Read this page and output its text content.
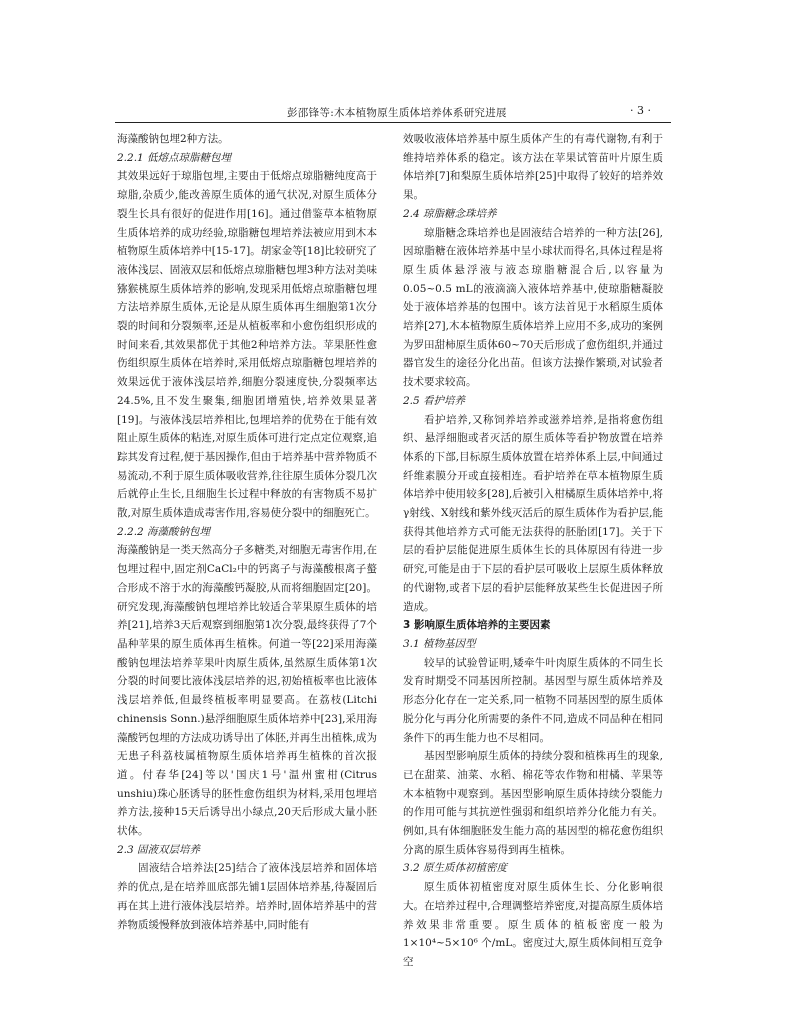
彭邵锋等:木本植物原生质体培养体系研究进展	· 3 ·

海藻酸钠包埋2种方法。

2.2.1 低熔点琼脂糖包埋

其效果远好于琼脂包埋,主要由于低熔点琼脂糖纯度高于琼脂,杂质少,能改善原生质体的通气状况,对原生质体分裂生长具有很好的促进作用[16]。通过借鉴草本植物原生质体培养的成功经验,琼脂糖包埋培养法被应用到木本植物原生质体培养中[15-17]。胡家金等[18]比较研究了液体浅层、固液双层和低熔点琼脂糖包埋3种方法对美味猕猴桃原生质体培养的影响,发现采用低熔点琼脂糖包埋方法培养原生质体,无论是从原生质体再生细胞第1次分裂的时间和分裂频率,还是从植板率和小愈伤组织形成的时间来看,其效果都优于其他2种培养方法。苹果胚性愈伤组织原生质体在培养时,采用低熔点琼脂糖包埋培养的效果远优于液体浅层培养,细胞分裂速度快,分裂频率达24.5%,且不发生聚集,细胞团增殖快,培养效果显著[19]。与液体浅层培养相比,包埋培养的优势在于能有效阻止原生质体的粘连,对原生质体可进行定点定位观察,追踪其发育过程,便于基因操作,但由于培养基中营养物质不易流动,不利于原生质体吸收营养,往往原生质体分裂几次后就停止生长,且细胞生长过程中释放的有害物质不易扩散,对原生质体造成毒害作用,容易使分裂中的细胞死亡。

2.2.2 海藻酸钠包埋

海藻酸钠是一类天然高分子多糖类,对细胞无毒害作用,在包埋过程中,固定剂CaCl₂中的钙离子与海藻酸根离子螯合形成不溶于水的海藻酸钙凝胶,从而将细胞固定[20]。研究发现,海藻酸钠包埋培养比较适合苹果原生质体的培养[21],培养3天后观察到细胞第1次分裂,最终获得了7个晶种苹果的原生质体再生植株。何道一等[22]采用海藻酸钠包埋法培养苹果叶肉原生质体,虽然原生质体第1次分裂的时间要比液体浅层培养的迟,初始植板率也比液体浅层培养低,但最终植板率明显要高。在荔枝(Litchi chinensis Sonn.)悬浮细胞原生质体培养中[23],采用海藻酸钙包埋的方法成功诱导出了体胚,并再生出植株,成为无患子科荔枝属植物原生质体培养再生植株的首次报道。付春华[24]等以'国庆1号'温州蜜柑(Citrus unshiu)珠心胚诱导的胚性愈伤组织为材料,采用包埋培养方法,接种15天后诱导出小绿点,20天后形成大量小胚状体。

2.3 固液双层培养

固液结合培养法[25]结合了液体浅层培养和固体培养的优点,是在培养皿底部先铺1层固体培养基,待凝固后再在其上进行液体浅层培养。培养时,固体培养基中的营养物质缓慢释放到液体培养基中,同时能有

效吸收液体培养基中原生质体产生的有毒代谢物,有利于维持培养体系的稳定。该方法在苹果试管苗叶片原生质体培养[7]和梨原生质体培养[25]中取得了较好的培养效果。

2.4 琼脂糖念珠培养

琼脂糖念珠培养也是固液结合培养的一种方法[26],因琼脂糖在液体培养基中呈小球状而得名,具体过程是将原生质体悬浮液与液态琼脂糖混合后,以容量为0.05~0.5 mL的液滴滴入液体培养基中,使琼脂糖凝胶处于液体培养基的包围中。该方法首见于水稻原生质体培养[27],木本植物原生质体培养上应用不多,成功的案例为罗田甜柿原生质体60~70天后形成了愈伤组织,并通过器官发生的途径分化出苗。但该方法操作繁琐,对试验者技术要求较高。

2.5 看护培养

看护培养,又称饲养培养或滋养培养,是指将愈伤组织、悬浮细胞或者灭活的原生质体等看护物放置在培养体系的下部,目标原生质体放置在培养体系上层,中间通过纤维素膜分开或直接相连。看护培养在草本植物原生质体培养中使用较多[28],后被引入柑橘原生质体培养中,将γ射线、X射线和紫外线灭活后的原生质体作为看护层,能获得其他培养方式可能无法获得的胚胎团[17]。关于下层的看护层能促进原生质体生长的具体原因有待进一步研究,可能是由于下层的看护层可吸收上层原生质体释放的代谢物,或者下层的看护层能释放某些生长促进因子所造成。

3 影响原生质体培养的主要因素

3.1 植物基因型

较早的试验曾证明,矮牵牛叶肉原生质体的不同生长发育时期受不同基因所控制。基因型与原生质体培养及形态分化存在一定关系,同一植物不同基因型的原生质体脱分化与再分化所需要的条件不同,造成不同品种在相同条件下的再生能力也不尽相同。

基因型影响原生质体的持续分裂和植株再生的现象,已在甜菜、油菜、水稻、棉花等农作物和柑橘、苹果等木本植物中观察到。基因型影响原生质体持续分裂能力的作用可能与其抗逆性强弱和组织培养分化能力有关。例如,具有体细胞胚发生能力高的基因型的棉花愈伤组织分离的原生质体容易得到再生植株。

3.2 原生质体初植密度

原生质体初植密度对原生质体生长、分化影响很大。在培养过程中,合理调整培养密度,对提高原生质体培养效果非常重要。原生质体的植板密度一般为1×10⁴~5×10⁶ 个/mL。密度过大,原生质体间相互竞争空
